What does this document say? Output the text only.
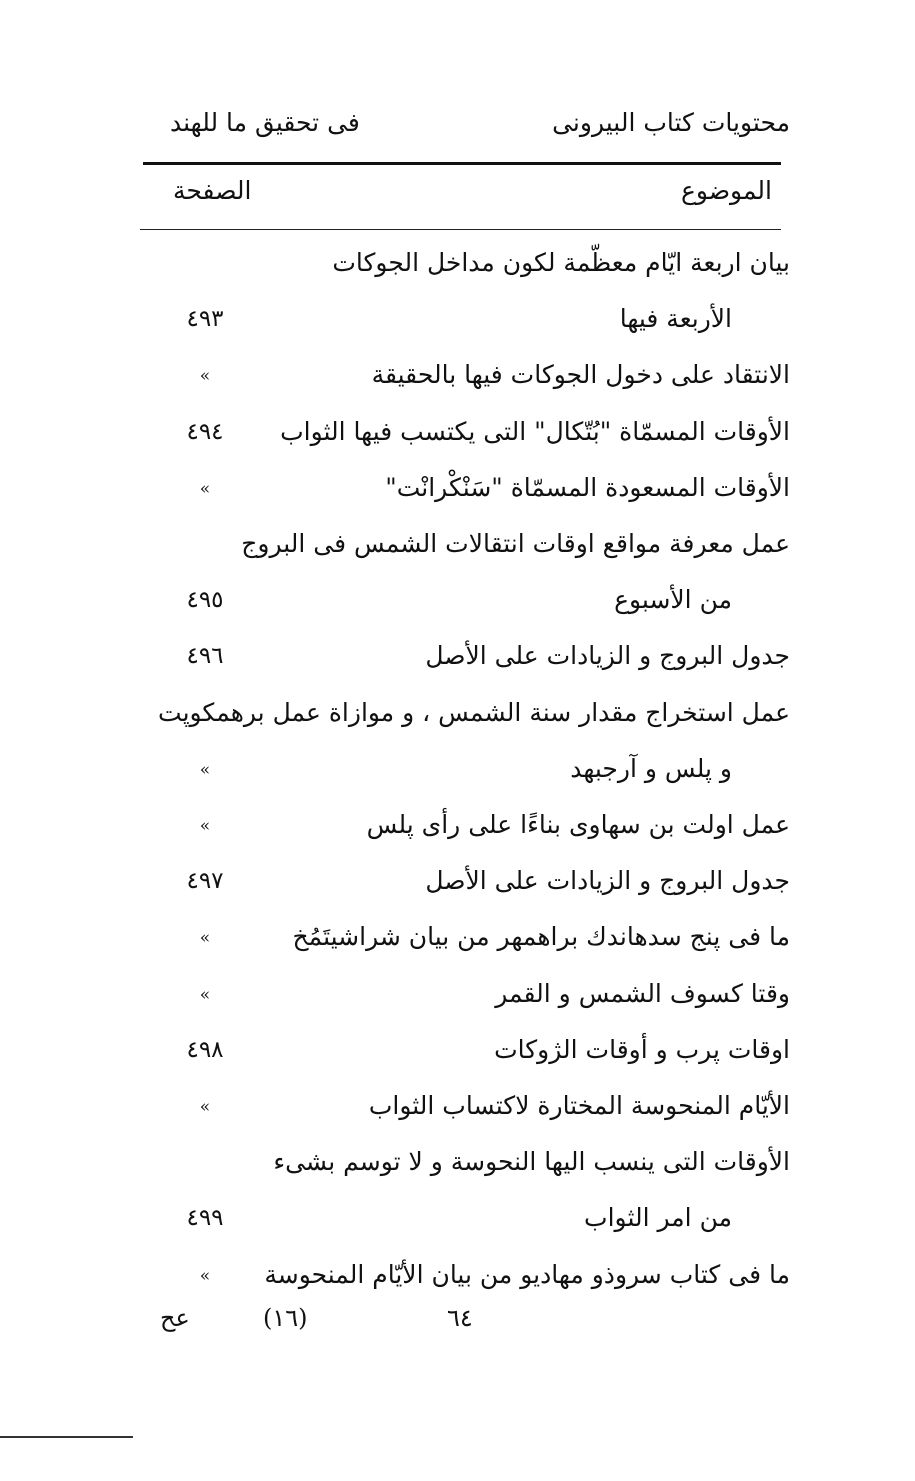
محتویات کتاب البیرونی
فی تحقیق ما للهند
الموضوع
الصفحة
بیان اربعة ایّام معظّمة لكون مداخل الجوكات
الأربعة فیها
٤٩٣
الانتقاد علی دخول الجوكات فیها بالحقیقة
»
الأوقات المسمّاة "بُتّكال" التی یكتسب فیها الثواب
٤٩٤
الأوقات المسعودة المسمّاة "سَنْكْرانْت"
»
عمل معرفة مواقع اوقات انتقالات الشمس فی البروج
من الأسبوع
٤٩٥
جدول البروج و الزیادات علی الأصل
٤٩٦
عمل استخراج مقدار سنة الشمس ، و موازاة عمل برهمكوپت
و پلس و آرجبهد
»
عمل اولت بن سهاوی بناءًا علی رأی پلس
»
جدول البروج و الزیادات علی الأصل
٤٩٧
ما فی پنج سدهاندك براهمهر من بیان شراشیتَمُخ
»
وقتا كسوف الشمس و القمر
»
اوقات پرب و أوقات الژوكات
٤٩٨
الأیّام المنحوسة المختارة لاكتساب الثواب
»
الأوقات التی ینسب الیها النحوسة و لا توسم بشیء
من امر الثواب
٤٩٩
ما فی كتاب سروذو مهادیو من بیان الأیّام المنحوسة
»
عح	(١٦)	٦٤
